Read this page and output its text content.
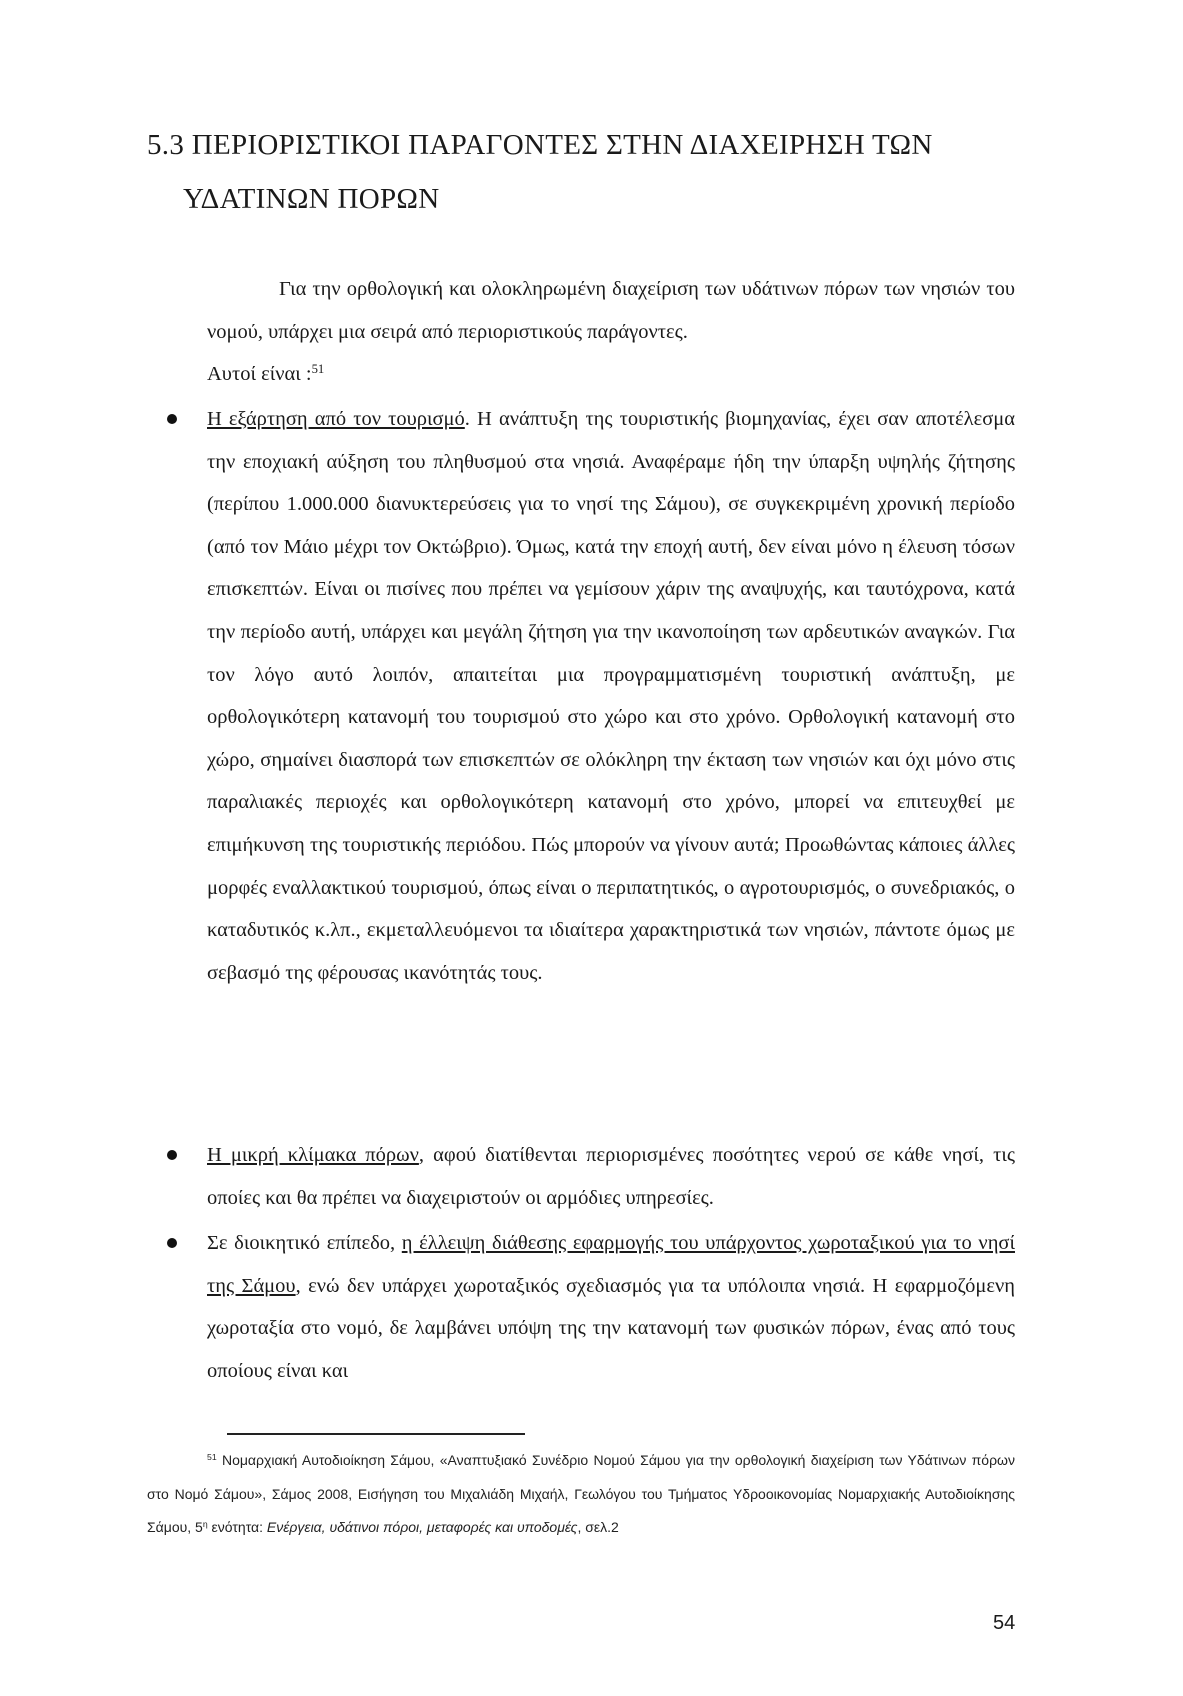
5.3 ΠΕΡΙΟΡΙΣΤΙΚΟΙ ΠΑΡΑΓΟΝΤΕΣ ΣΤΗΝ ΔΙΑΧΕΙΡΗΣΗ ΤΩΝ
ΥΔΑΤΙΝΩΝ ΠΟΡΩΝ
Για την ορθολογική και ολοκληρωμένη διαχείριση των υδάτινων πόρων των νησιών του νομού, υπάρχει μια σειρά από περιοριστικούς παράγοντες.
Αυτοί είναι :$^{51}$
Η εξάρτηση από τον τουρισμό. Η ανάπτυξη της τουριστικής βιομηχανίας, έχει σαν αποτέλεσμα την εποχιακή αύξηση του πληθυσμού στα νησιά. Αναφέραμε ήδη την ύπαρξη υψηλής ζήτησης (περίπου 1.000.000 διανυκτερεύσεις για το νησί της Σάμου), σε συγκεκριμένη χρονική περίοδο (από τον Μάιο μέχρι τον Οκτώβριο). Όμως, κατά την εποχή αυτή, δεν είναι μόνο η έλευση τόσων επισκεπτών. Είναι οι πισίνες που πρέπει να γεμίσουν χάριν της αναψυχής, και ταυτόχρονα, κατά την περίοδο αυτή, υπάρχει και μεγάλη ζήτηση για την ικανοποίηση των αρδευτικών αναγκών. Για τον λόγο αυτό λοιπόν, απαιτείται μια προγραμματισμένη τουριστική ανάπτυξη, με ορθολογικότερη κατανομή του τουρισμού στο χώρο και στο χρόνο. Ορθολογική κατανομή στο χώρο, σημαίνει διασπορά των επισκεπτών σε ολόκληρη την έκταση των νησιών και όχι μόνο στις παραλιακές περιοχές και ορθολογικότερη κατανομή στο χρόνο, μπορεί να επιτευχθεί με επιμήκυνση της τουριστικής περιόδου. Πώς μπορούν να γίνουν αυτά; Προωθώντας κάποιες άλλες μορφές εναλλακτικού τουρισμού, όπως είναι ο περιπατητικός, ο αγροτουρισμός, ο συνεδριακός, ο καταδυτικός κ.λπ., εκμεταλλευόμενοι τα ιδιαίτερα χαρακτηριστικά των νησιών, πάντοτε όμως με σεβασμό της φέρουσας ικανότητάς τους.
Η μικρή κλίμακα πόρων, αφού διατίθενται περιορισμένες ποσότητες νερού σε κάθε νησί, τις οποίες και θα πρέπει να διαχειριστούν οι αρμόδιες υπηρεσίες.
Σε διοικητικό επίπεδο, η έλλειψη διάθεσης εφαρμογής του υπάρχοντος χωροταξικού για το νησί της Σάμου, ενώ δεν υπάρχει χωροταξικός σχεδιασμός για τα υπόλοιπα νησιά. Η εφαρμοζόμενη χωροταξία στο νομό, δε λαμβάνει υπόψη της την κατανομή των φυσικών πόρων, ένας από τους οποίους είναι και
$^{51}$ Νομαρχιακή Αυτοδιοίκηση Σάμου, «Αναπτυξιακό Συνέδριο Νομού Σάμου για την ορθολογική διαχείριση των Υδάτινων πόρων στο Νομό Σάμου», Σάμος 2008, Εισήγηση του Μιχαλιάδη Μιχαήλ, Γεωλόγου του Τμήματος Υδροοικονομίας Νομαρχιακής Αυτοδιοίκησης Σάμου, $5^\eta$ ενότητα: Ενέργεια, υδάτινοι πόροι, μεταφορές και υποδομές, σελ.2
54
